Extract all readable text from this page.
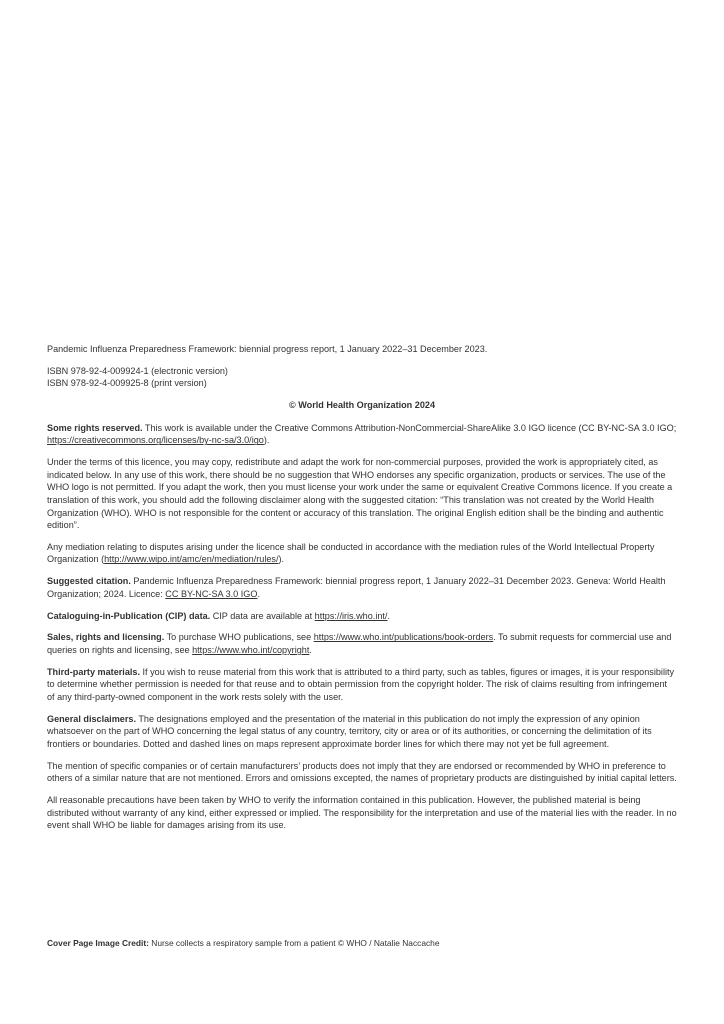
Pandemic Influenza Preparedness Framework: biennial progress report, 1 January 2022–31 December 2023.

ISBN 978-92-4-009924-1 (electronic version)
ISBN 978-92-4-009925-8 (print version)

© World Health Organization 2024

Some rights reserved. This work is available under the Creative Commons Attribution-NonCommercial-ShareAlike 3.0 IGO licence (CC BY-NC-SA 3.0 IGO; https://creativecommons.org/licenses/by-nc-sa/3.0/igo).

Under the terms of this licence, you may copy, redistribute and adapt the work for non-commercial purposes, provided the work is appropriately cited, as indicated below. In any use of this work, there should be no suggestion that WHO endorses any specific organization, products or services. The use of the WHO logo is not permitted. If you adapt the work, then you must license your work under the same or equivalent Creative Commons licence. If you create a translation of this work, you should add the following disclaimer along with the suggested citation: “This translation was not created by the World Health Organization (WHO). WHO is not responsible for the content or accuracy of this translation. The original English edition shall be the binding and authentic edition”.

Any mediation relating to disputes arising under the licence shall be conducted in accordance with the mediation rules of the World Intellectual Property Organization (http://www.wipo.int/amc/en/mediation/rules/).

Suggested citation. Pandemic Influenza Preparedness Framework: biennial progress report, 1 January 2022–31 December 2023. Geneva: World Health Organization; 2024. Licence: CC BY-NC-SA 3.0 IGO.

Cataloguing-in-Publication (CIP) data. CIP data are available at https://iris.who.int/.

Sales, rights and licensing. To purchase WHO publications, see https://www.who.int/publications/book-orders. To submit requests for commercial use and queries on rights and licensing, see https://www.who.int/copyright.

Third-party materials. If you wish to reuse material from this work that is attributed to a third party, such as tables, figures or images, it is your responsibility to determine whether permission is needed for that reuse and to obtain permission from the copyright holder. The risk of claims resulting from infringement of any third-party-owned component in the work rests solely with the user.

General disclaimers. The designations employed and the presentation of the material in this publication do not imply the expression of any opinion whatsoever on the part of WHO concerning the legal status of any country, territory, city or area or of its authorities, or concerning the delimitation of its frontiers or boundaries. Dotted and dashed lines on maps represent approximate border lines for which there may not yet be full agreement.

The mention of specific companies or of certain manufacturers’ products does not imply that they are endorsed or recommended by WHO in preference to others of a similar nature that are not mentioned. Errors and omissions excepted, the names of proprietary products are distinguished by initial capital letters.

All reasonable precautions have been taken by WHO to verify the information contained in this publication. However, the published material is being distributed without warranty of any kind, either expressed or implied. The responsibility for the interpretation and use of the material lies with the reader. In no event shall WHO be liable for damages arising from its use.

Cover Page Image Credit: Nurse collects a respiratory sample from a patient © WHO / Natalie Naccache
